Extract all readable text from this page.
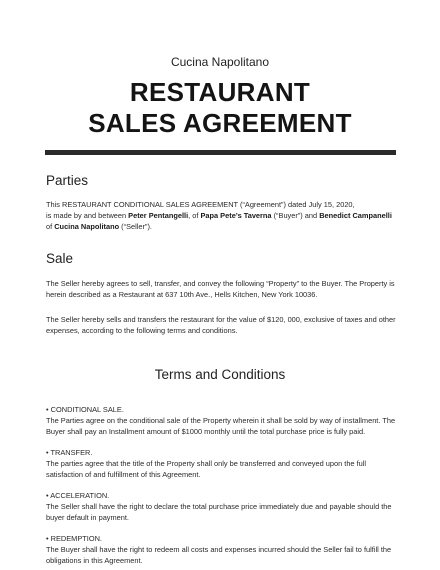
Cucina Napolitano
RESTAURANT
SALES AGREEMENT
Parties
This RESTAURANT CONDITIONAL SALES AGREEMENT (“Agreement”) dated July 15, 2020,
is made by and between Peter Pentangelli, of Papa Pete’s Taverna (“Buyer”) and Benedict Campanelli
of Cucina Napolitano (“Seller”).
Sale
The Seller hereby agrees to sell, transfer, and convey the following “Property” to the Buyer. The Property is herein described as a Restaurant at 637 10th Ave., Hells Kitchen, New York 10036.
The Seller hereby sells and transfers the restaurant for the value of $120, 000, exclusive of taxes and other expenses, according to the following terms and conditions.
Terms and Conditions
• CONDITIONAL SALE.
The Parties agree on the conditional sale of the Property wherein it shall be sold by way of installment. The Buyer shall pay an Installment amount of $1000 monthly until the total purchase price is fully paid.
• TRANSFER.
The parties agree that the title of the Property shall only be transferred and conveyed upon the full satisfaction of and fulfillment of this Agreement.
• ACCELERATION.
The Seller shall have the right to declare the total purchase price immediately due and payable should the buyer default in payment.
• REDEMPTION.
The Buyer shall have the right to redeem all costs and expenses incurred should the Seller fail to fulfill the obligations in this Agreement.
